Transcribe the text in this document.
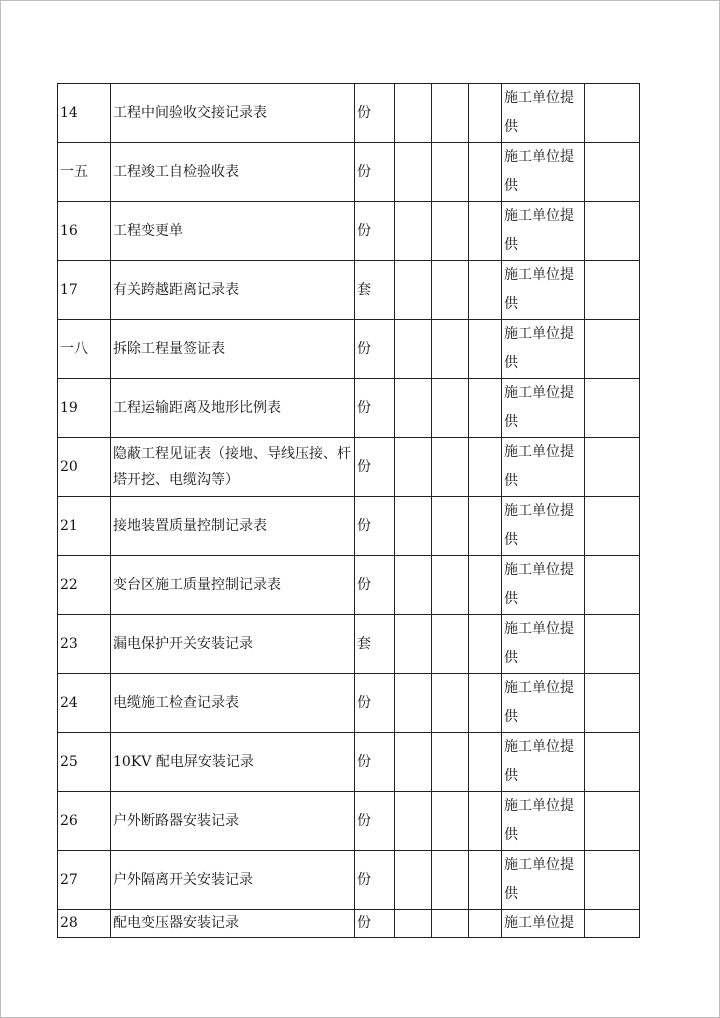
14	工程中间验收交接记录表	份				施工单位提供	
一五	工程竣工自检验收表	份				施工单位提供	
16	工程变更单	份				施工单位提供	
17	有关跨越距离记录表	套				施工单位提供	
一八	拆除工程量签证表	份				施工单位提供	
19	工程运输距离及地形比例表	份				施工单位提供	
20	隐蔽工程见证表（接地、导线压接、杆塔开挖、电缆沟等）	份				施工单位提供	
21	接地装置质量控制记录表	份				施工单位提供	
22	变台区施工质量控制记录表	份				施工单位提供	
23	漏电保护开关安装记录	套				施工单位提供	
24	电缆施工检查记录表	份				施工单位提供	
25	10KV 配电屏安装记录	份				施工单位提供	
26	户外断路器安装记录	份				施工单位提供	
27	户外隔离开关安装记录	份				施工单位提供	
28	配电变压器安装记录	份				施工单位提	
